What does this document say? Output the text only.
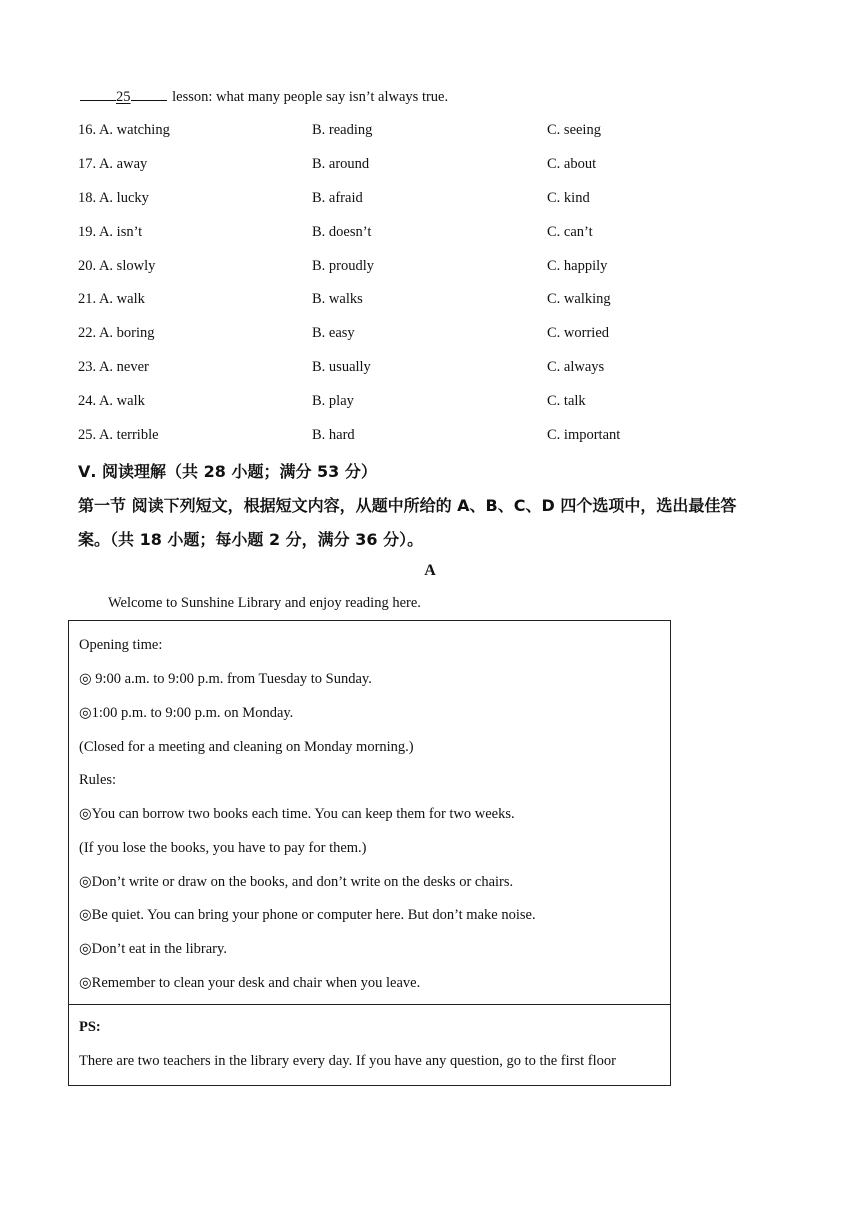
25	lesson: what many people say isn’t always true.
16. A. watching	B. reading	C. seeing
17. A. away	B. around	C. about
18. A. lucky	B. afraid	C. kind
19. A. isn’t	B. doesn’t	C. can’t
20. A. slowly	B. proudly	C. happily
21. A. walk	B. walks	C. walking
22. A. boring	B. easy	C. worried
23. A. never	B. usually	C. always
24. A. walk	B. play	C. talk
25. A. terrible	B. hard	C. important
Ⅴ. 阅读理解（共 28 小题；满分 53 分）
第一节 阅读下列短文，根据短文内容，从题中所给的 A、B、C、D 四个选项中，选出最佳答
案。（共 18 小题；每小题 2 分，满分 36 分）。
A
Welcome to Sunshine Library and enjoy reading here.
Opening time:
◎ 9:00 a.m. to 9:00 p.m. from Tuesday to Sunday.
◎1:00 p.m. to 9:00 p.m. on Monday.
(Closed for a meeting and cleaning on Monday morning.)
Rules:
◎You can borrow two books each time. You can keep them for two weeks.
(If you lose the books, you have to pay for them.)
◎Don’t write or draw on the books, and don’t write on the desks or chairs.
◎Be quiet. You can bring your phone or computer here. But don’t make noise.
◎Don’t eat in the library.
◎Remember to clean your desk and chair when you leave.
PS:
There are two teachers in the library every day. If you have any question, go to the first floor
